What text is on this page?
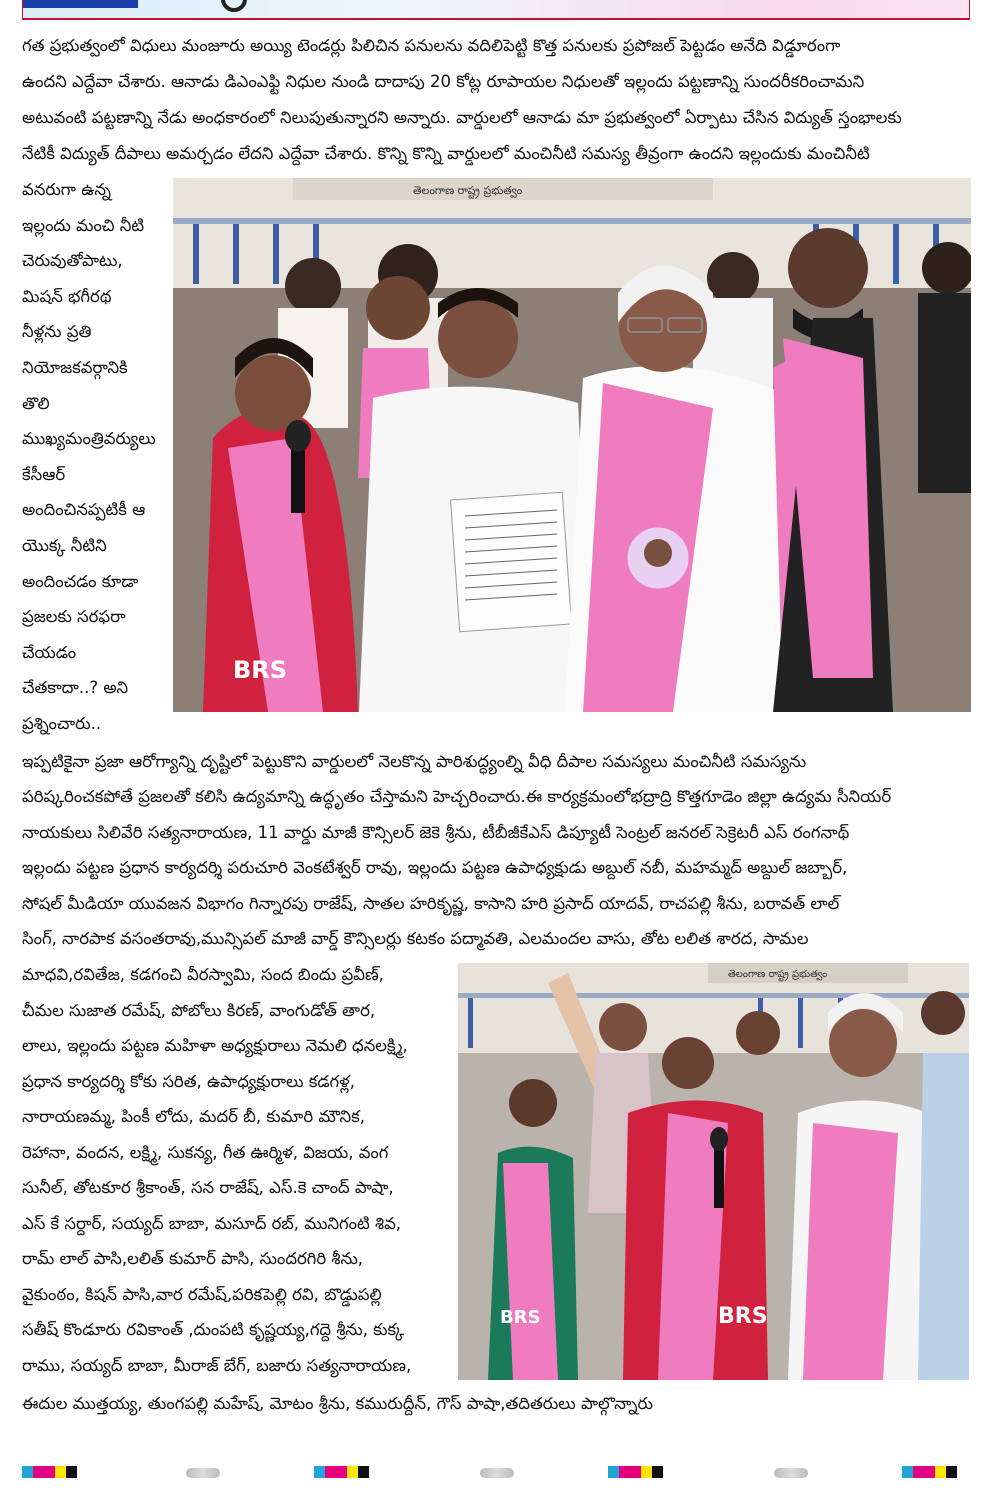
గత ప్రభుత్వంలో విధులు మంజూరు అయ్యి టెండర్లు పిలిచిన పనులను వదిలిపెట్టి కొత్త పనులకు ప్రపోజల్ పెట్టడం అనేది విడ్డూరంగా
ఉందని ఎద్దేవా చేశారు. ఆనాడు డిఎంఎఫ్టి నిధుల నుండి దాదాపు 20 కోట్ల రూపాయల నిధులతో ఇల్లందు పట్టణాన్ని సుందరీకరించామని
అటువంటి పట్టణాన్ని నేడు అంధకారంలో నిలుపుతున్నారని అన్నారు. వార్డులలో ఆనాడు మా ప్రభుత్వంలో ఏర్పాటు చేసిన విద్యుత్ స్తంభాలకు
నేటికీ విద్యుత్ దీపాలు అమర్చడం లేదని ఎద్దేవా చేశారు. కొన్ని కొన్ని వార్డులలో మంచినీటి సమస్య తీవ్రంగా ఉందని ఇల్లందుకు మంచినీటి
వనరుగా ఉన్న
ఇల్లందు మంచి నీటి
చెరువుతోపాటు,
మిషన్ భగీరథ
నీళ్లను ప్రతి
నియోజకవర్గానికి
తొలి
ముఖ్యమంత్రివర్యులు
కేసీఆర్
అందించినప్పటికీ ఆ
యొక్క నీటిని
అందించడం కూడా
ప్రజలకు సరఫరా
చేయడం
చేతకాదా..? అని
ప్రశ్నించారు..
తెలంగాణ రాష్ట్ర ప్రభుత్వం
BRS
ఇప్పటికైనా ప్రజా ఆరోగ్యాన్ని దృష్టిలో పెట్టుకొని వార్డులలో నెలకొన్న పారిశుద్ధ్యంల్ని వీధి దీపాల సమస్యలు మంచినీటి సమస్యను
పరిష్కరించకపోతే ప్రజలతో కలిసి ఉద్యమాన్ని ఉద్ధృతం చేస్తామని హెచ్చరించారు.ఈ కార్యక్రమంలోభద్రాద్రి కొత్తగూడెం జిల్లా ఉద్యమ సీనియర్
నాయకులు సిలివేరి సత్యనారాయణ, 11 వార్డు మాజీ కౌన్సిలర్ జెకె శ్రీను, టీబీజీకేఎస్ డిప్యూటీ సెంట్రల్ జనరల్ సెక్రెటరీ ఎస్ రంగనాథ్
ఇల్లందు పట్టణ ప్రధాన కార్యదర్శి పరుచూరి వెంకటేశ్వర్ రావు, ఇల్లందు పట్టణ ఉపాధ్యక్షుడు అబ్దుల్ నబీ, మహమ్మద్ అబ్దుల్ జబ్బార్,
సోషల్ మీడియా యువజన విభాగం గిన్నారపు రాజేష్, సాతల హరికృష్ణ, కాసాని హరి ప్రసాద్ యాదవ్, రాచపల్లి శీను, బరావత్ లాల్
సింగ్, నారపాక వసంతరావు,మున్సిపల్ మాజీ వార్డ్ కౌన్సిలర్లు కటకం పద్మావతి, ఎలమందల వాసు, తోట లలిత శారద, సామల
మాధవి,రవితేజ, కడగంచి వీరస్వామి, సంద బిందు ప్రవీణ్,
చీమల సుజాత రమేష్, పోబోలు కిరణ్, వాంగుడోత్ తార,
లాలు, ఇల్లందు పట్టణ మహిళా అధ్యక్షురాలు నెమలి ధనలక్ష్మి,
ప్రధాన కార్యదర్శి కోకు సరిత, ఉపాధ్యక్షురాలు కడగళ్ల,
నారాయణమ్మ, పింకీ లోదు, మదర్ బీ, కుమారి మౌనిక,
రెహానా, వందన, లక్ష్మి, సుకన్య, గీత ఊర్మిళ, విజయ, వంగ
సునీల్, తోటకూర శ్రీకాంత్, సన రాజేష్, ఎస్.కె చాంద్ పాషా,
ఎస్ కే సర్దార్, సయ్యద్ బాబా, మసూద్ రబ్, మునిగంటి శివ,
రామ్ లాల్ పాసి,లలిత్ కుమార్ పాసి, సుందరగిరి శీను,
వైకుంఠం, కిషన్ పాసి,వార రమేష్,పరికపెల్లి రవి, బొడ్డుపల్లి
సతీష్ కొండూరు రవికాంత్ ,దుంపటి కృష్ణయ్య,గద్దె శ్రీను, కుక్క
రాము, సయ్యద్ బాబా, మీరాజ్ బేగ్, బజారు సత్యనారాయణ,
తెలంగాణ రాష్ట్ర ప్రభుత్వం
BRS
BRS
ఈదుల ముత్తయ్య, తుంగపల్లి మహేష్, మోటం శ్రీను, కమురుద్దీన్, గౌస్ పాషా,తదితరులు పాల్గొన్నారు
